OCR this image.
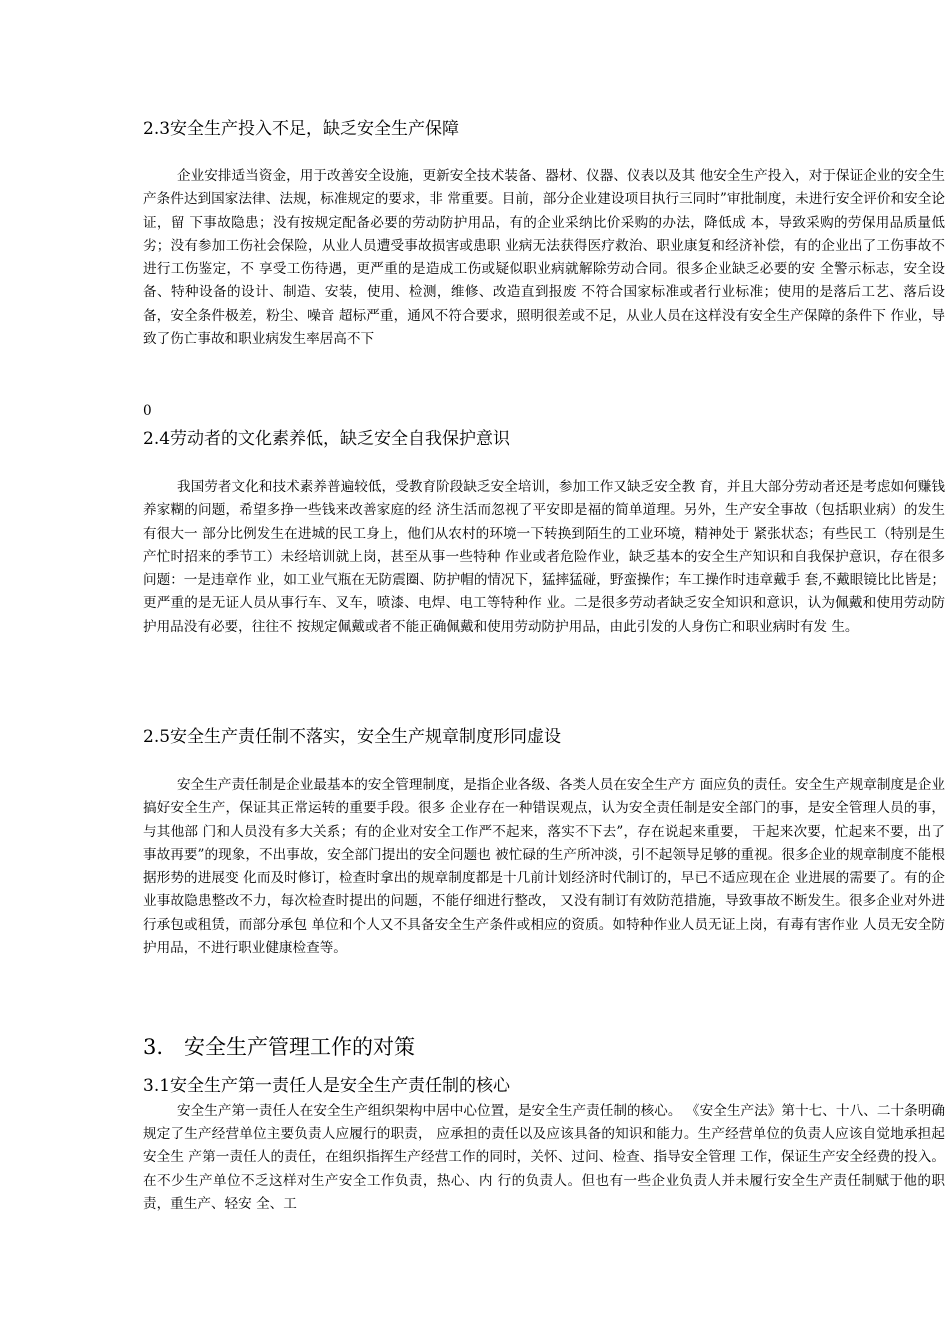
2.3安全生产投入不足，缺乏安全生产保障
企业安排适当资金，用于改善安全设施，更新安全技术装备、器材、仪器、仪表以及其 他安全生产投入，对于保证企业的安全生产条件达到国家法律、法规，标准规定的要求，非 常重要。目前，部分企业建设项目执行三同时”审批制度，未进行安全评价和安全论证，留 下事故隐患；没有按规定配备必要的劳动防护用品，有的企业采纳比价采购的办法，降低成 本，导致采购的劳保用品质量低劣；没有参加工伤社会保险，从业人员遭受事故损害或患职 业病无法获得医疗救治、职业康复和经济补偿，有的企业出了工伤事故不进行工伤鉴定，不 享受工伤待遇，更严重的是造成工伤或疑似职业病就解除劳动合同。很多企业缺乏必要的安 全警示标志，安全设备、特种设备的设计、制造、安装，使用、检测，维修、改造直到报废 不符合国家标准或者行业标准；使用的是落后工艺、落后设备，安全条件极差，粉尘、噪音 超标严重，通风不符合要求，照明很差或不足，从业人员在这样没有安全生产保障的条件下 作业，导致了伤亡事故和职业病发生率居高不下
0
2.4劳动者的文化素养低，缺乏安全自我保护意识
我国劳者文化和技术素养普遍较低，受教育阶段缺乏安全培训，参加工作又缺乏安全教 育，并且大部分劳动者还是考虑如何赚钱养家糊的问题，希望多挣一些钱来改善家庭的经 济生活而忽视了平安即是福的简单道理。另外，生产安全事故（包括职业病）的发生有很大一 部分比例发生在进城的民工身上，他们从农村的环境一下转换到陌生的工业环境，精神处于 紧张状态；有些民工（特别是生产忙时招来的季节工）未经培训就上岗，甚至从事一些特种 作业或者危险作业，缺乏基本的安全生产知识和自我保护意识，存在很多问题：一是违章作 业，如工业气瓶在无防震圈、防护帽的情况下，猛摔猛碰，野蛮操作；车工操作时违章戴手 套,不戴眼镜比比皆是；更严重的是无证人员从事行车、叉车，喷漆、电焊、电工等特种作 业。二是很多劳动者缺乏安全知识和意识，认为佩戴和使用劳动防护用品没有必要，往往不 按规定佩戴或者不能正确佩戴和使用劳动防护用品，由此引发的人身伤亡和职业病时有发 生。
2.5安全生产责任制不落实，安全生产规章制度形同虚设
安全生产责任制是企业最基本的安全管理制度，是指企业各级、各类人员在安全生产方 面应负的责任。安全生产规章制度是企业搞好安全生产，保证其正常运转的重要手段。很多 企业存在一种错误观点，认为安全责任制是安全部门的事，是安全管理人员的事，与其他部 门和人员没有多大关系；有的企业对安全工作严不起来，落实不下去”，存在说起来重要， 干起来次要，忙起来不要，出了事故再要”的现象，不出事故，安全部门提出的安全问题也 被忙碌的生产所冲淡，引不起领导足够的重视。很多企业的规章制度不能根据形势的进展变 化而及时修订，检查时拿出的规章制度都是十几前计划经济时代制订的，早已不适应现在企 业进展的需要了。有的企业事故隐患整改不力，每次检查时提出的问题，不能仔细进行整改， 又没有制订有效防范措施，导致事故不断发生。很多企业对外进行承包或租赁，而部分承包 单位和个人又不具备安全生产条件或相应的资质。如特种作业人员无证上岗，有毒有害作业 人员无安全防护用品，不进行职业健康检查等。
3.　安全生产管理工作的对策
3.1安全生产第一责任人是安全生产责任制的核心
安全生产第一责任人在安全生产组织架构中居中心位置，是安全生产责任制的核心。 《安全生产法》第十七、十八、二十条明确规定了生产经营单位主要负责人应履行的职责， 应承担的责任以及应该具备的知识和能力。生产经营单位的负责人应该自觉地承担起安全生 产第一责任人的责任，在组织指挥生产经营工作的同时，关怀、过问、检查、指导安全管理 工作，保证生产安全经费的投入。在不少生产单位不乏这样对生产安全工作负责，热心、内 行的负责人。但也有一些企业负责人并未履行安全生产责任制赋于他的职责，重生产、轻安 全、工
